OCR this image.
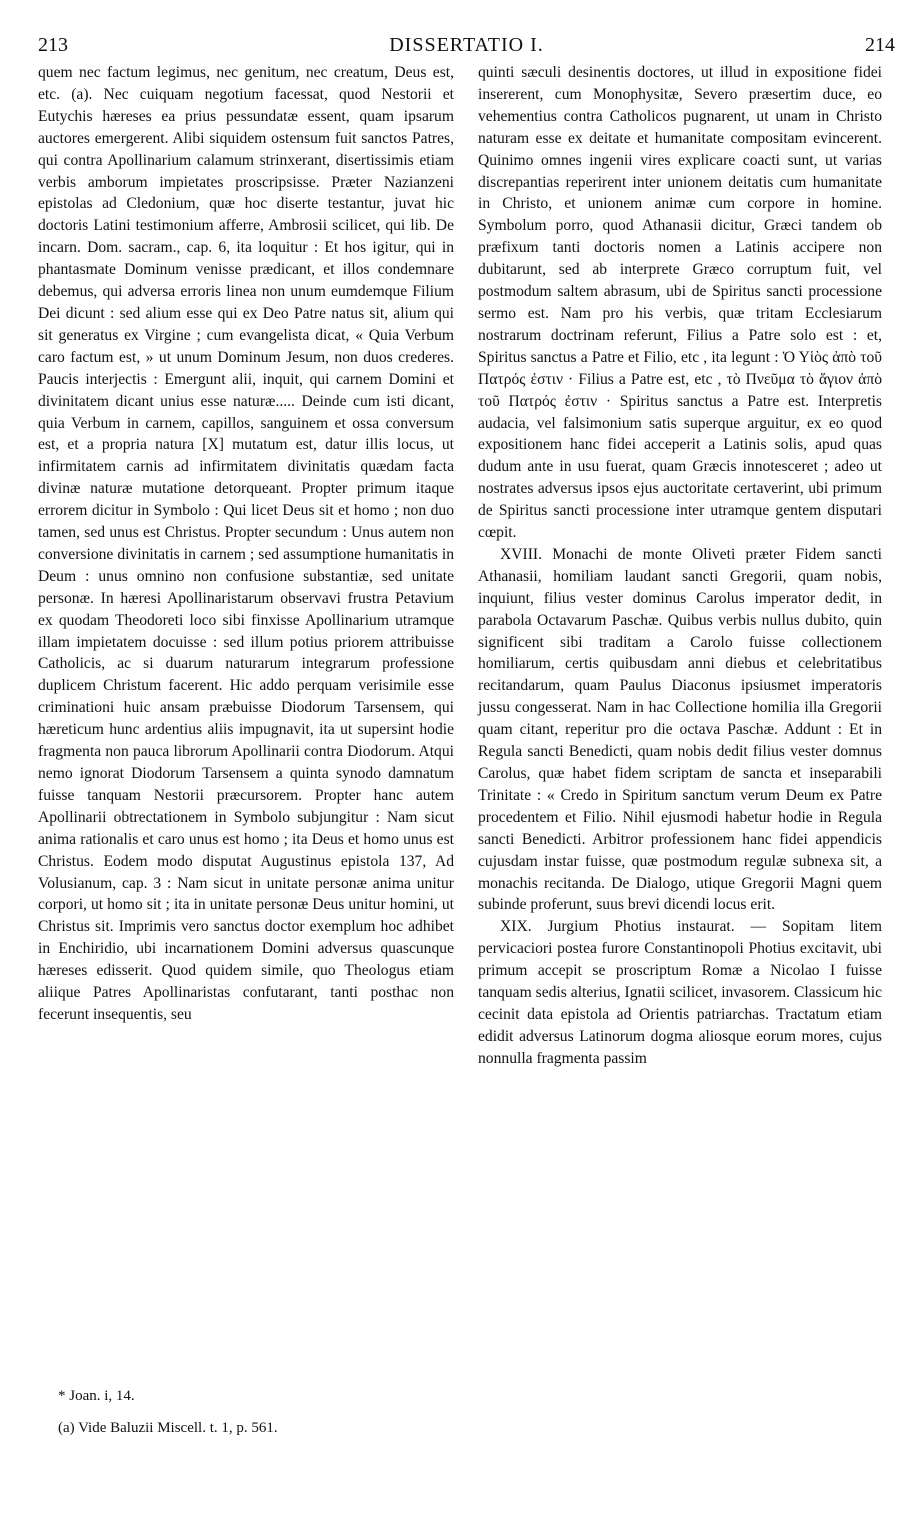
213	DISSERTATIO I.	214

quem nec factum legimus, nec genitum, nec creatum, Deus est, etc. (a). Nec cuiquam negotium facessat, quod Nestorii et Eutychis hæreses ea prius pessundatæ essent, quam ipsarum auctores emergerent. Alibi siquidem ostensum fuit sanctos Patres, qui contra Apollinarium calamum strinxerant, disertissimis etiam verbis amborum impietates proscripsisse. Præter Nazianzeni epistolas ad Cledonium, quæ hoc diserte testantur, juvat hic doctoris Latini testimonium afferre, Ambrosii scilicet, qui lib. De incarn. Dom. sacram., cap. 6, ita loquitur : Et hos igitur, qui in phantasmate Dominum venisse prædicant, et illos condemnare debemus, qui adversa erroris linea non unum eumdemque Filium Dei dicunt : sed alium esse qui ex Deo Patre natus sit, alium qui sit generatus ex Virgine ; cum evangelista dicat, « Quia Verbum caro factum est, » ut unum Dominum Jesum, non duos crederes. Paucis interjectis : Emergunt alii, inquit, qui carnem Domini et divinitatem dicant unius esse naturæ..... Deinde cum isti dicant, quia Verbum in carnem, capillos, sanguinem et ossa conversum est, et a propria natura [X] mutatum est, datur illis locus, ut infirmitatem carnis ad infirmitatem divinitatis quædam facta divinæ naturæ mutatione detorqueant. Propter primum itaque errorem dicitur in Symbolo : Qui licet Deus sit et homo ; non duo tamen, sed unus est Christus. Propter secundum : Unus autem non conversione divinitatis in carnem ; sed assumptione humanitatis in Deum : unus omnino non confusione substantiæ, sed unitate personæ. In hæresi Apollinaristarum observavi frustra Petavium ex quodam Theodoreti loco sibi finxisse Apollinarium utramque illam impietatem docuisse : sed illum potius priorem attribuisse Catholicis, ac si duarum naturarum integrarum professione duplicem Christum facerent. Hic addo perquam verisimile esse criminationi huic ansam præbuisse Diodorum Tarsensem, qui hæreticum hunc ardentius aliis impugnavit, ita ut supersint hodie fragmenta non pauca librorum Apollinarii contra Diodorum. Atqui nemo ignorat Diodorum Tarsensem a quinta synodo damnatum fuisse tanquam Nestorii præcursorem. Propter hanc autem Apollinarii obtrectationem in Symbolo subjungitur : Nam sicut anima rationalis et caro unus est homo ; ita Deus et homo unus est Christus. Eodem modo disputat Augustinus epistola 137, Ad Volusianum, cap. 3 : Nam sicut in unitate personæ anima unitur corpori, ut homo sit ; ita in unitate personæ Deus unitur homini, ut Christus sit. Imprimis vero sanctus doctor exemplum hoc adhibet in Enchiridio, ubi incarnationem Domini adversus quascunque hæreses edisserit. Quod quidem simile, quo Theologus etiam aliique Patres Apollinaristas confutarant, tanti posthac non fecerunt insequentis, seu

quinti sæculi desinentis doctores, ut illud in expositione fidei insererent, cum Monophysitæ, Severo præsertim duce, eo vehementius contra Catholicos pugnarent, ut unam in Christo naturam esse ex deitate et humanitate compositam evincerent. Quinimo omnes ingenii vires explicare coacti sunt, ut varias discrepantias reperirent inter unionem deitatis cum humanitate in Christo, et unionem animæ cum corpore in homine. Symbolum porro, quod Athanasii dicitur, Græci tandem ob præfixum tanti doctoris nomen a Latinis accipere non dubitarunt, sed ab interprete Græco corruptum fuit, vel postmodum saltem abrasum, ubi de Spiritus sancti processione sermo est. Nam pro his verbis, quæ tritam Ecclesiarum nostrarum doctrinam referunt, Filius a Patre solo est : et, Spiritus sanctus a Patre et Filio, etc , ita legunt : Ὁ Υἱὸς ἀπὸ τοῦ Πατρός ἐστιν · Filius a Patre est, etc , τὸ Πνεῦμα τὸ ἅγιον ἀπὸ τοῦ Πατρός ἐστιν · Spiritus sanctus a Patre est. Interpretis audacia, vel falsimonium satis superque arguitur, ex eo quod expositionem hanc fidei acceperit a Latinis solis, apud quas dudum ante in usu fuerat, quam Græcis innotesceret ; adeo ut nostrates adversus ipsos ejus auctoritate certaverint, ubi primum de Spiritus sancti processione inter utramque gentem disputari cœpit.

XVIII. Monachi de monte Oliveti præter Fidem sancti Athanasii, homiliam laudant sancti Gregorii, quam nobis, inquiunt, filius vester dominus Carolus imperator dedit, in parabola Octavarum Paschæ. Quibus verbis nullus dubito, quin significent sibi traditam a Carolo fuisse collectionem homiliarum, certis quibusdam anni diebus et celebritatibus recitandarum, quam Paulus Diaconus ipsiusmet imperatoris jussu congesserat. Nam in hac Collectione homilia illa Gregorii quam citant, reperitur pro die octava Paschæ. Addunt : Et in Regula sancti Benedicti, quam nobis dedit filius vester domnus Carolus, quæ habet fidem scriptam de sancta et inseparabili Trinitate : « Credo in Spiritum sanctum verum Deum ex Patre procedentem et Filio. Nihil ejusmodi habetur hodie in Regula sancti Benedicti. Arbitror professionem hanc fidei appendicis cujusdam instar fuisse, quæ postmodum regulæ subnexa sit, a monachis recitanda. De Dialogo, utique Gregorii Magni quem subinde proferunt, suus brevi dicendi locus erit.

XIX. Jurgium Photius instaurat. — Sopitam litem pervicaciori postea furore Constantinopoli Photius excitavit, ubi primum accepit se proscriptum Romæ a Nicolao I fuisse tanquam sedis alterius, Ignatii scilicet, invasorem. Classicum hic cecinit data epistola ad Orientis patriarchas. Tractatum etiam edidit adversus Latinorum dogma aliosque eorum mores, cujus nonnulla fragmenta passim

* Joan. i, 14.
(a) Vide Baluzii Miscell. t. 1, p. 561.
